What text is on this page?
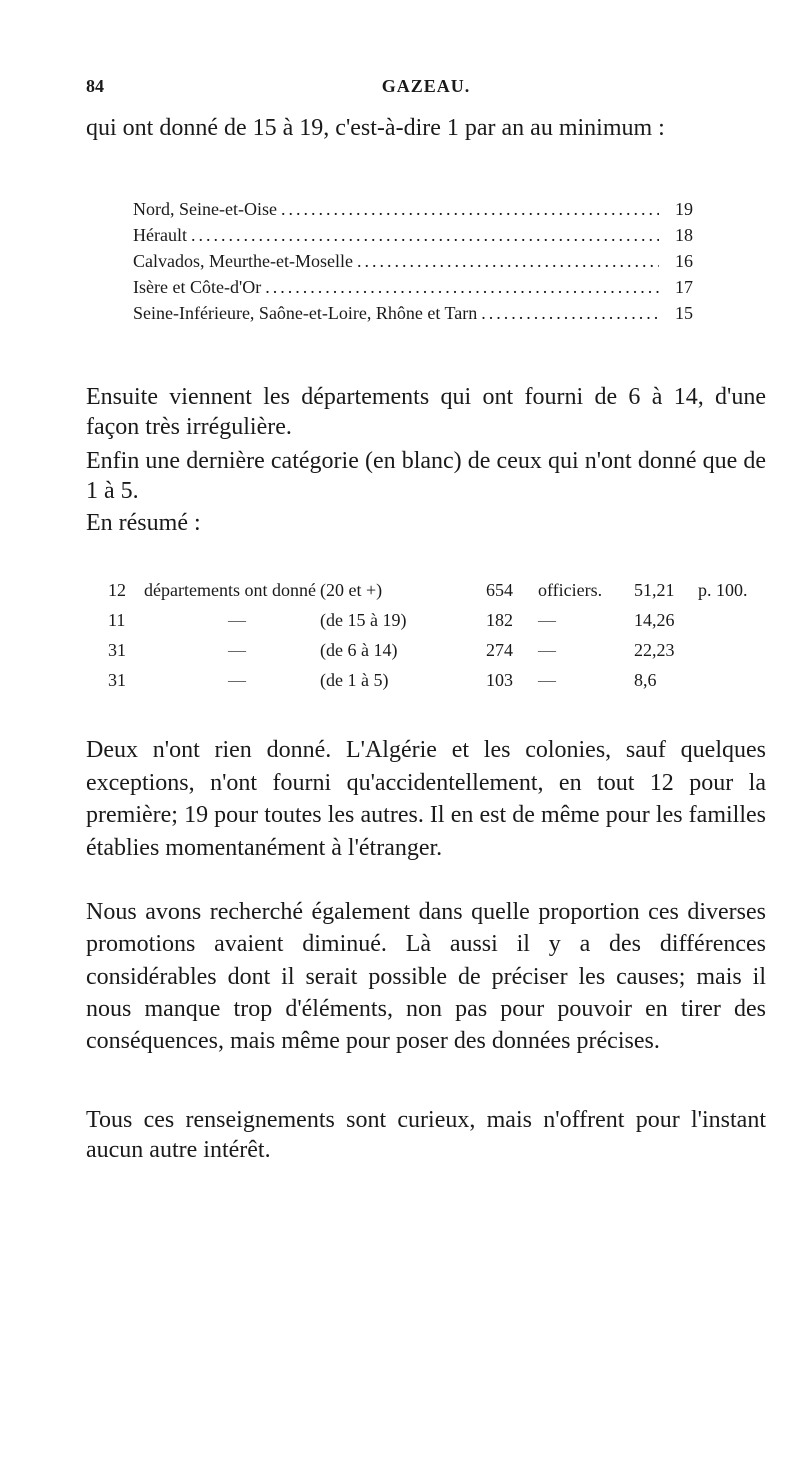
84	GAZEAU.

qui ont donné de 15 à 19, c'est-à-dire 1 par an au minimum :

Nord, Seine-et-Oise .....	19
Hérault .....	18
Calvados, Meurthe-et-Moselle .....	16
Isère et Côte-d'Or .....	17
Seine-Inférieure, Saône-et-Loire, Rhône et Tarn .....	15

Ensuite viennent les départements qui ont fourni de 6 à 14, d'une façon très irrégulière.

Enfin une dernière catégorie (en blanc) de ceux qui n'ont donné que de 1 à 5.

En résumé :

12 départements ont donné (20 et +)	654 officiers. 51,21 p. 100.
11	—	(de 15 à 19)	182 —	14,26
31	—	(de 6 à 14)	274 —	22,23
31	—	(de 1 à 5)	103 —	8,6

Deux n'ont rien donné. L'Algérie et les colonies, sauf quelques exceptions, n'ont fourni qu'accidentellement, en tout 12 pour la première; 19 pour toutes les autres. Il en est de même pour les familles établies momentanément à l'étranger.

Nous avons recherché également dans quelle proportion ces diverses promotions avaient diminué. Là aussi il y a des différences considérables dont il serait possible de préciser les causes; mais il nous manque trop d'éléments, non pas pour pouvoir en tirer des conséquences, mais même pour poser des données précises.

Tous ces renseignements sont curieux, mais n'offrent pour l'instant aucun autre intérêt.
